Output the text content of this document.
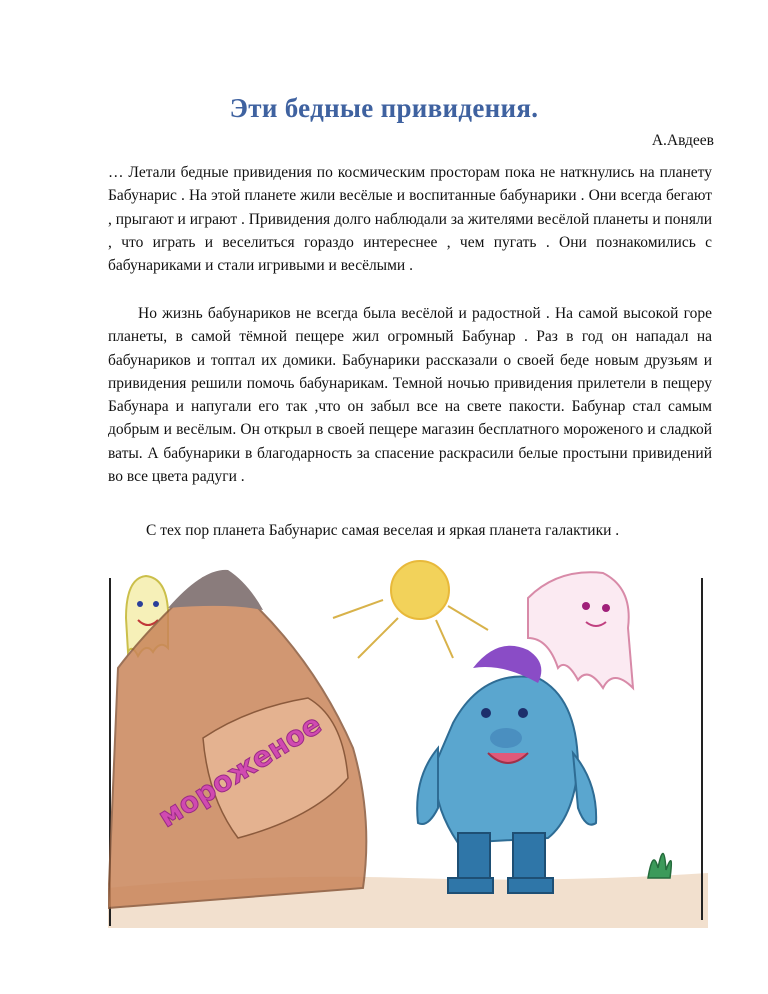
Эти бедные привидения.
А.Авдеев

… Летали бедные привидения по космическим просторам пока не наткнулись на планету Бабунарис . На этой планете жили весёлые и воспитанные бабунарики . Они всегда бегают , прыгают и играют . Привидения долго наблюдали за жителями весёлой планеты и поняли , что играть и веселиться гораздо интереснее , чем пугать . Они познакомились с бабунариками и стали игривыми и весёлыми .

Но жизнь бабунариков не всегда была весёлой и радостной . На самой высокой горе планеты, в самой тёмной пещере жил огромный Бабунар . Раз в год он нападал на бабунариков и топтал их домики. Бабунарики рассказали о своей беде новым друзьям и привидения решили помочь бабунарикам. Темной ночью привидения прилетели в пещеру Бабунара и напугали его так ,что он забыл все на свете пакости. Бабунар стал самым добрым и весёлым. Он открыл в своей пещере магазин бесплатного мороженого и сладкой ваты. А бабунарики в благодарность за спасение раскрасили белые простыни привидений во все цвета радуги .

С тех пор планета Бабунарис самая веселая и яркая планета галактики .

мороженое
